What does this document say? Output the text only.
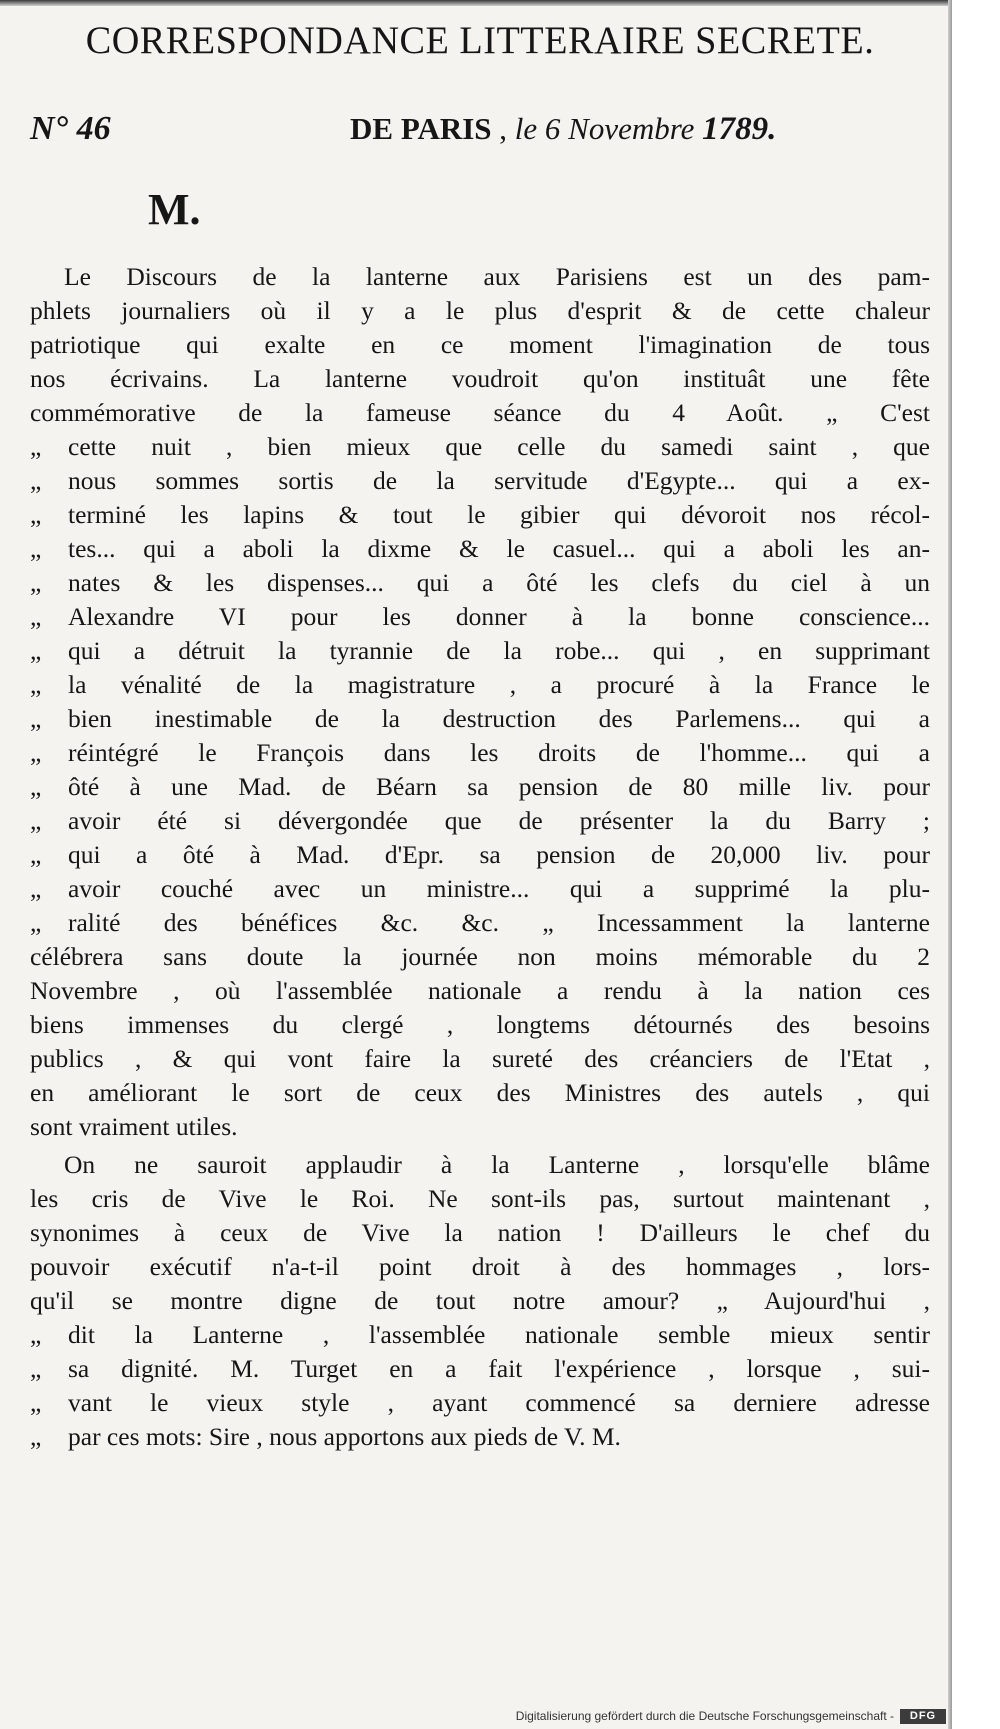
CORRESPONDANCE LITTERAIRE SECRETE.
N° 46	DE PARIS , le 6 Novembre 1789.
M.
Le Discours de la lanterne aux Parisiens est un des pam-
phlets journaliers où il y a le plus d'esprit & de cette chaleur
patriotique qui exalte en ce moment l'imagination de tous
nos écrivains. La lanterne voudroit qu'on instituât une fête
commémorative de la fameuse séance du 4 Août. „ C'est
„ cette nuit , bien mieux que celle du samedi saint , que
„ nous sommes sortis de la servitude d'Egypte... qui a ex-
„ terminé les lapins & tout le gibier qui dévoroit nos récol-
„ tes... qui a aboli la dixme & le casuel... qui a aboli les an-
„ nates & les dispenses... qui a ôté les clefs du ciel à un
„ Alexandre VI pour les donner à la bonne conscience...
„ qui a détruit la tyrannie de la robe... qui , en supprimant
„ la vénalité de la magistrature , a procuré à la France le
„ bien inestimable de la destruction des Parlemens... qui a
„ réintégré le François dans les droits de l'homme... qui a
„ ôté à une Mad. de Béarn sa pension de 80 mille liv. pour
„ avoir été si dévergondée que de présenter la du Barry ;
„ qui a ôté à Mad. d'Epr. sa pension de 20,000 liv. pour
„ avoir couché avec un ministre... qui a supprimé la plu-
„ ralité des bénéfices &c. &c. „ Incessamment la lanterne
célébrera sans doute la journée non moins mémorable du 2
Novembre , où l'assemblée nationale a rendu à la nation ces
biens immenses du clergé , longtems détournés des besoins
publics , & qui vont faire la sureté des créanciers de l'Etat ,
en améliorant le sort de ceux des Ministres des autels , qui
sont vraiment utiles.
On ne sauroit applaudir à la Lanterne , lorsqu'elle blâme
les cris de Vive le Roi. Ne sont-ils pas, surtout maintenant ,
synonimes à ceux de Vive la nation ! D'ailleurs le chef du
pouvoir exécutif n'a-t-il point droit à des hommages , lors-
qu'il se montre digne de tout notre amour? „ Aujourd'hui ,
„ dit la Lanterne , l'assemblée nationale semble mieux sentir
„ sa dignité. M. Turget en a fait l'expérience , lorsque , sui-
„ vant le vieux style , ayant commencé sa derniere adresse
„ par ces mots: Sire , nous apportons aux pieds de V. M.
Digitalisierung gefördert durch die Deutsche Forschungsgemeinschaft -	DFG
